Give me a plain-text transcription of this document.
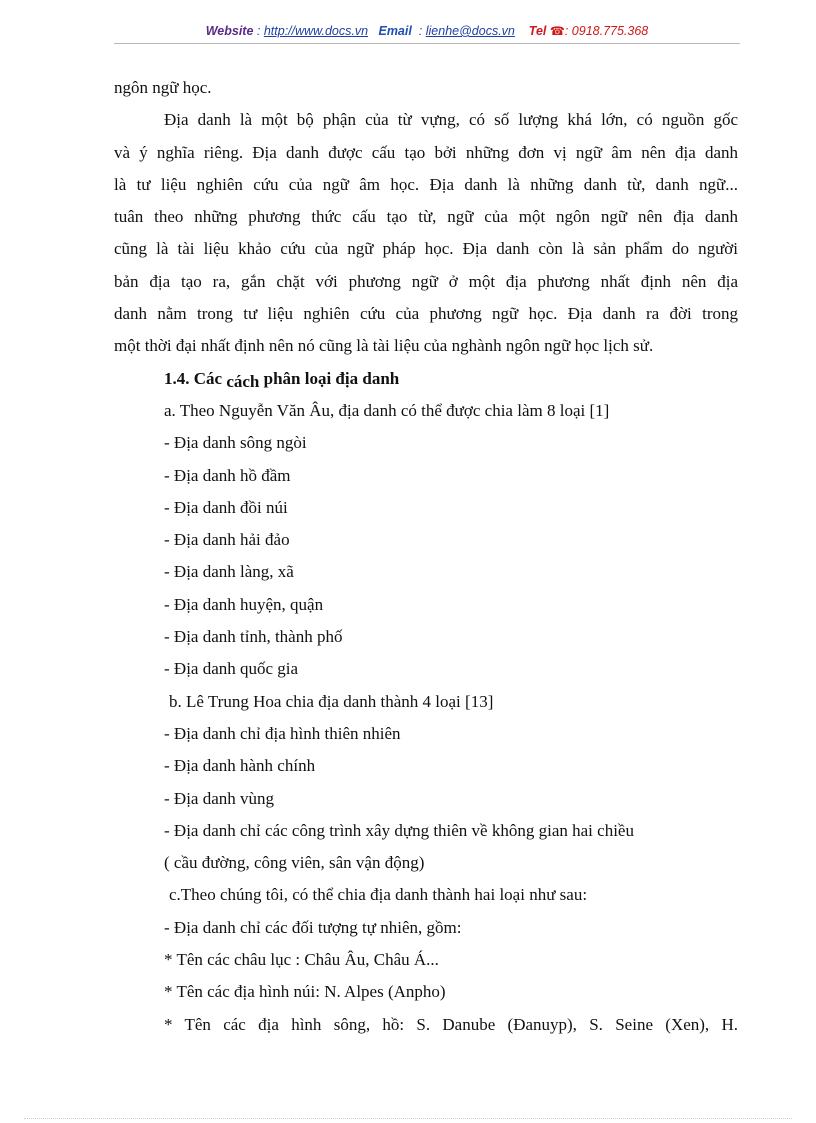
Website : http://www.docs.vn Email  : lienhe@docs.vn Tel ☎: 0918.775.368

ngôn ngữ học.

Địa danh là một bộ phận của từ vựng, có số lượng khá lớn, có nguồn gốc

và ý nghĩa riêng. Địa danh được cấu tạo bởi những đơn vị ngữ âm nên địa danh

là tư liệu nghiên cứu của ngữ âm học. Địa danh là những danh từ, danh ngữ...

tuân theo những phương thức cấu tạo từ, ngữ của một ngôn ngữ nên địa danh

cũng là tài liệu khảo cứu của ngữ pháp học. Địa danh còn là sản phẩm do người

bản địa tạo ra, gắn chặt với phương ngữ ở một địa phương nhất định nên địa

danh nằm trong tư liệu nghiên cứu của phương ngữ học. Địa danh ra đời trong

một thời đại nhất định nên nó cũng là tài liệu của nghành ngôn ngữ học lịch sử.

1.4. Các cách phân loại địa danh

a. Theo Nguyễn Văn Âu, địa danh có thể được chia làm 8 loại [1]

- Địa danh sông ngòi

- Địa danh hồ đầm

- Địa danh đồi núi

- Địa danh hải đảo

- Địa danh làng, xã

- Địa danh huyện, quận

- Địa danh tỉnh, thành phố

- Địa danh quốc gia

b. Lê Trung Hoa chia địa danh thành 4 loại [13]

- Địa danh chỉ địa hình thiên nhiên

- Địa danh hành chính

- Địa danh vùng

- Địa danh chỉ các công trình xây dựng thiên về không gian hai chiều

( cầu đường, công viên, sân vận động)

c.Theo chúng tôi, có thể chia địa danh thành hai loại như sau:

- Địa danh chỉ các đối tượng tự nhiên, gồm:

* Tên các châu lục : Châu Âu, Châu Á...

* Tên các địa hình núi: N. Alpes (Anpho)

* Tên các địa hình sông, hồ: S. Danube (Đanuyp), S. Seine (Xen), H.
